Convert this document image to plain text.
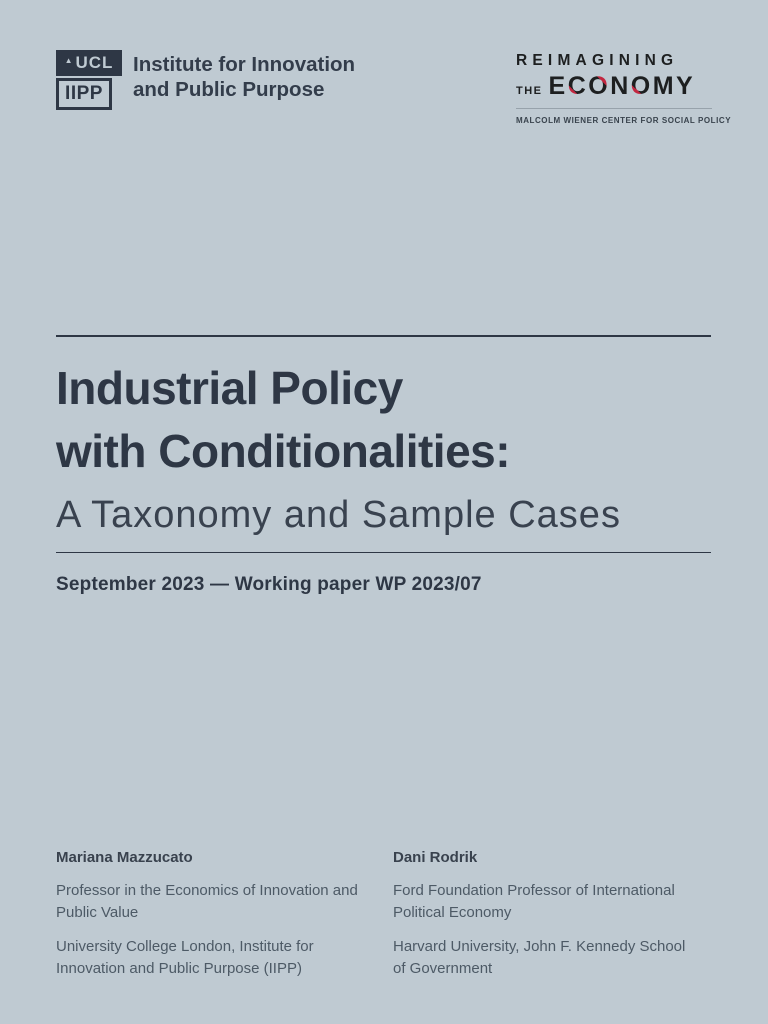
▲ UCL
IIPP
Institute for Innovation
and Public Purpose
REIMAGINING
THE ECONOMY
MALCOLM WIENER CENTER FOR SOCIAL POLICY
Industrial Policy
with Conditionalities:
A Taxonomy and Sample Cases
September 2023 — Working paper WP 2023/07
Mariana Mazzucato
Professor in the Economics of Innovation and Public Value
University College London, Institute for Innovation and Public Purpose (IIPP)
Dani Rodrik
Ford Foundation Professor of International Political Economy
Harvard University, John F. Kennedy School of Government
